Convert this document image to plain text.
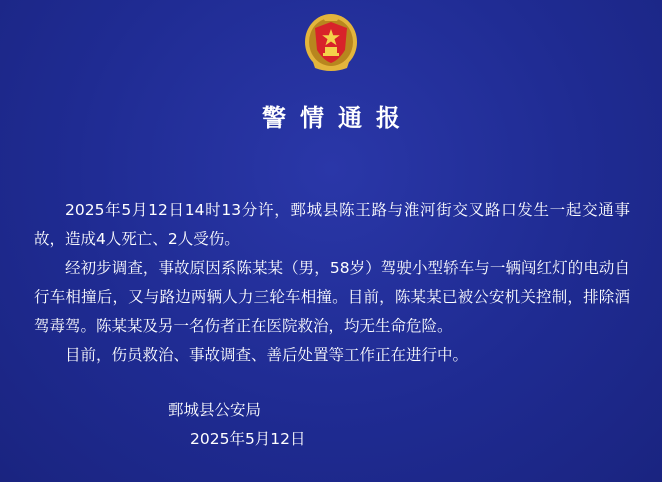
警情通报

2025年5月12日14时13分许，鄄城县陈王路与淮河街交叉路口发生一起交通事故，造成4人死亡、2人受伤。

经初步调查，事故原因系陈某某（男，58岁）驾驶小型轿车与一辆闯红灯的电动自行车相撞后，又与路边两辆人力三轮车相撞。目前，陈某某已被公安机关控制，排除酒驾毒驾。陈某某及另一名伤者正在医院救治，均无生命危险。

目前，伤员救治、事故调查、善后处置等工作正在进行中。

鄄城县公安局
2025年5月12日
